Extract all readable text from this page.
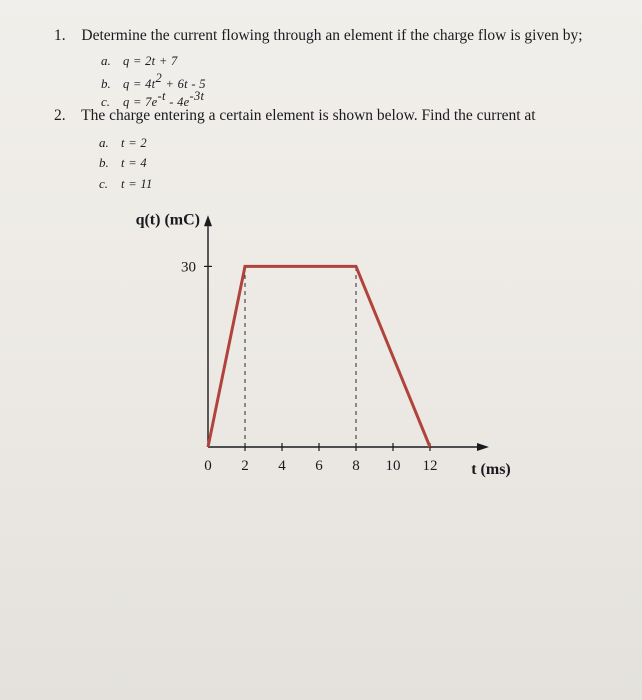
1. Determine the current flowing through an element if the charge flow is given by;
a. q = 2t + 7
b. $q = 4t^2 + 6t - 5$
c. $q = 7e^{-t} - 4e^{-3t}$
2. The charge entering a certain element is shown below. Find the current at
a. t = 2
b. t = 4
c. t = 11
0 2 4 6 8 10 12
30
q(t) (mC)
t (ms)
